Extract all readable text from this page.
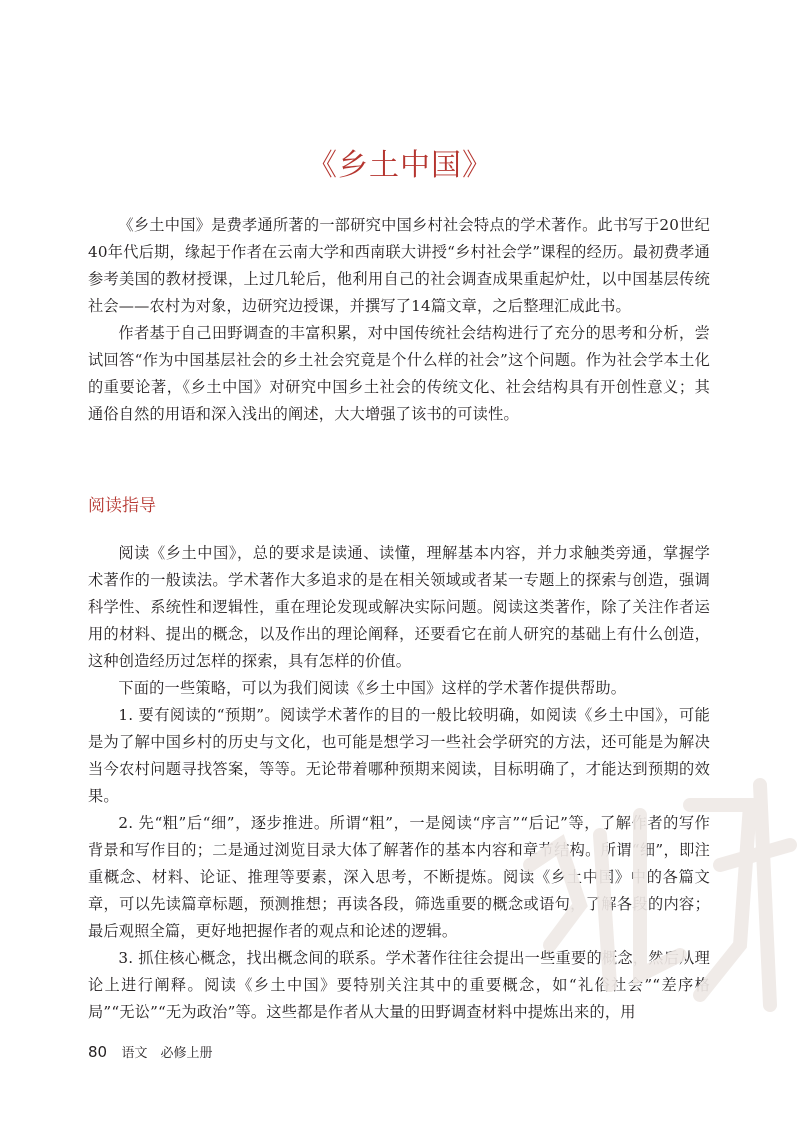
《乡土中国》

《乡土中国》是费孝通所著的一部研究中国乡村社会特点的学术著作。此书写于20世纪40年代后期，缘起于作者在云南大学和西南联大讲授“乡村社会学”课程的经历。最初费孝通参考美国的教材授课，上过几轮后，他利用自己的社会调查成果重起炉灶，以中国基层传统社会——农村为对象，边研究边授课，并撰写了14篇文章，之后整理汇成此书。

作者基于自己田野调查的丰富积累，对中国传统社会结构进行了充分的思考和分析，尝试回答“作为中国基层社会的乡土社会究竟是个什么样的社会”这个问题。作为社会学本土化的重要论著，《乡土中国》对研究中国乡土社会的传统文化、社会结构具有开创性意义；其通俗自然的用语和深入浅出的阐述，大大增强了该书的可读性。

阅读指导

阅读《乡土中国》，总的要求是读通、读懂，理解基本内容，并力求触类旁通，掌握学术著作的一般读法。学术著作大多追求的是在相关领域或者某一专题上的探索与创造，强调科学性、系统性和逻辑性，重在理论发现或解决实际问题。阅读这类著作，除了关注作者运用的材料、提出的概念，以及作出的理论阐释，还要看它在前人研究的基础上有什么创造，这种创造经历过怎样的探索，具有怎样的价值。

下面的一些策略，可以为我们阅读《乡土中国》这样的学术著作提供帮助。

1. 要有阅读的“预期”。阅读学术著作的目的一般比较明确，如阅读《乡土中国》，可能是为了解中国乡村的历史与文化，也可能是想学习一些社会学研究的方法，还可能是为解决当今农村问题寻找答案，等等。无论带着哪种预期来阅读，目标明确了，才能达到预期的效果。

2. 先“粗”后“细”，逐步推进。所谓“粗”，一是阅读“序言”“后记”等，了解作者的写作背景和写作目的；二是通过浏览目录大体了解著作的基本内容和章节结构。所谓“细”，即注重概念、材料、论证、推理等要素，深入思考，不断提炼。阅读《乡土中国》中的各篇文章，可以先读篇章标题，预测推想；再读各段，筛选重要的概念或语句，了解各段的内容；最后观照全篇，更好地把握作者的观点和论述的逻辑。

3. 抓住核心概念，找出概念间的联系。学术著作往往会提出一些重要的概念，然后从理论上进行阐释。阅读《乡土中国》要特别关注其中的重要概念，如“礼俗社会”“差序格局”“无讼”“无为政治”等。这些都是作者从大量的田野调查材料中提炼出来的，用

80 语文　必修上册
